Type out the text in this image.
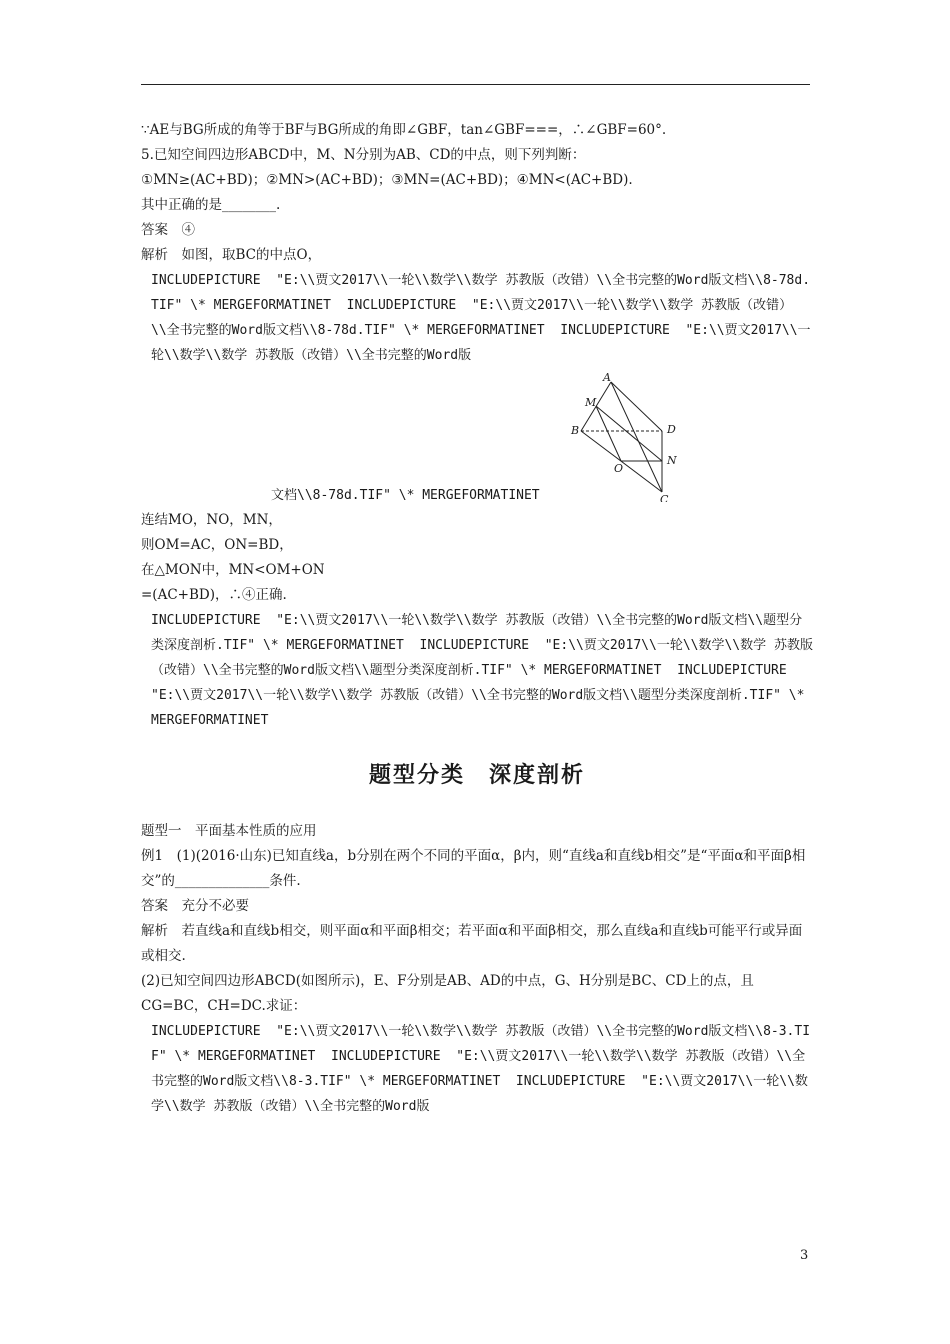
∵AE与BG所成的角等于BF与BG所成的角即∠GBF，tan∠GBF===，∴∠GBF=60°.

5.已知空间四边形ABCD中，M、N分别为AB、CD的中点，则下列判断：

①MN≥(AC+BD)；②MN>(AC+BD)；③MN=(AC+BD)；④MN<(AC+BD).

其中正确的是________.

答案　④

解析　如图，取BC的中点O，

INCLUDEPICTURE  "E:\\贾文2017\\一轮\\数学\\数学 苏教版（改错）\\全书完整的Word版文档\\8-78d.TIF" \* MERGEFORMATINET  INCLUDEPICTURE  "E:\\贾文2017\\一轮\\数学\\数学 苏教版（改错）\\全书完整的Word版文档\\8-78d.TIF" \* MERGEFORMATINET  INCLUDEPICTURE  "E:\\贾文2017\\一轮\\数学\\数学 苏教版（改错）\\全书完整的Word版

A
M
B	D
O
N
C
文档\\8-78d.TIF" \* MERGEFORMATINET

连结MO，NO，MN，

则OM=AC，ON=BD，

在△MON中，MN<OM+ON

=(AC+BD)，∴④正确.

INCLUDEPICTURE  "E:\\贾文2017\\一轮\\数学\\数学 苏教版（改错）\\全书完整的Word版文档\\题型分类深度剖析.TIF" \* MERGEFORMATINET  INCLUDEPICTURE  "E:\\贾文2017\\一轮\\数学\\数学 苏教版（改错）\\全书完整的Word版文档\\题型分类深度剖析.TIF" \* MERGEFORMATINET  INCLUDEPICTURE  "E:\\贾文2017\\一轮\\数学\\数学 苏教版（改错）\\全书完整的Word版文档\\题型分类深度剖析.TIF" \* MERGEFORMATINET

题型分类　深度剖析

题型一　平面基本性质的应用

例1　(1)(2016·山东)已知直线a，b分别在两个不同的平面α，β内，则“直线a和直线b相交”是“平面α和平面β相交”的______________条件.

答案　充分不必要

解析　若直线a和直线b相交，则平面α和平面β相交；若平面α和平面β相交，那么直线a和直线b可能平行或异面或相交.

(2)已知空间四边形ABCD(如图所示)，E、F分别是AB、AD的中点，G、H分别是BC、CD上的点，且CG=BC，CH=DC.求证：

INCLUDEPICTURE  "E:\\贾文2017\\一轮\\数学\\数学 苏教版（改错）\\全书完整的Word版文档\\8-3.TIF" \* MERGEFORMATINET  INCLUDEPICTURE  "E:\\贾文2017\\一轮\\数学\\数学 苏教版（改错）\\全书完整的Word版文档\\8-3.TIF" \* MERGEFORMATINET  INCLUDEPICTURE  "E:\\贾文2017\\一轮\\数学\\数学 苏教版（改错）\\全书完整的Word版

3
